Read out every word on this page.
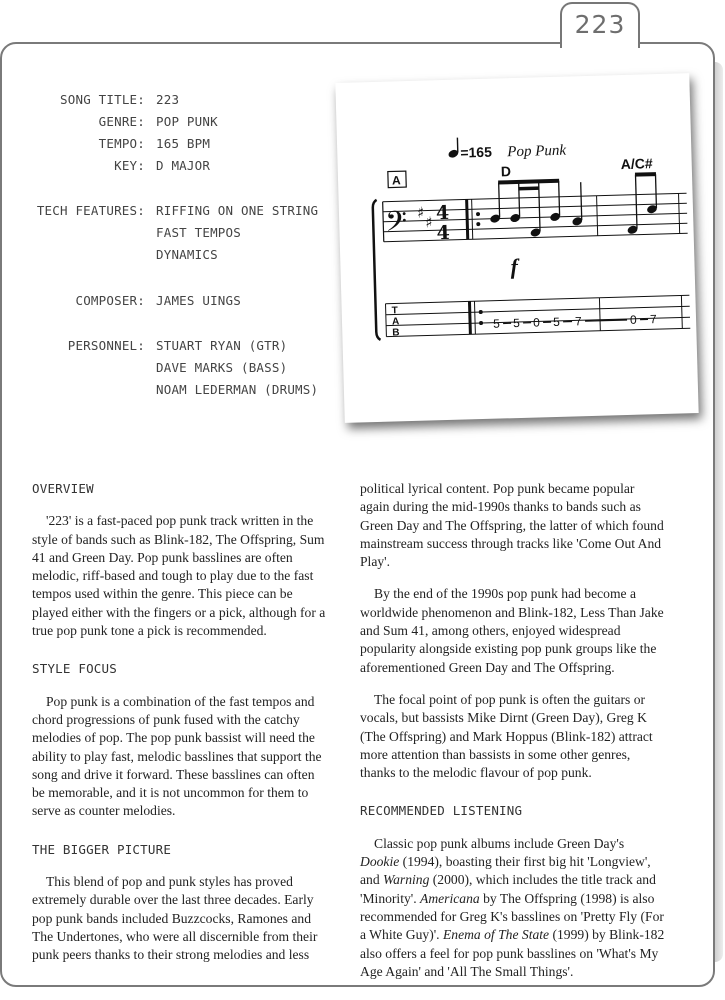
223
SONG TITLE: 223
GENRE: POP PUNK
TEMPO: 165 BPM
KEY: D MAJOR
TECH FEATURES: RIFFING ON ONE STRING
FAST TEMPOS
DYNAMICS
COMPOSER: JAMES UINGS
PERSONNEL: STUART RYAN (GTR)
DAVE MARKS (BASS)
NOAM LEDERMAN (DRUMS)
=165 Pop Punk
A
D	A/C#
𝄢 ♯
♯ 4
4
f
T
A
B
5 5 0 5 7	0 7
OVERVIEW

'223' is a fast-paced pop punk track written in the style of bands such as Blink-182, The Offspring, Sum 41 and Green Day. Pop punk basslines are often melodic, riff-based and tough to play due to the fast tempos used within the genre. This piece can be played either with the fingers or a pick, although for a true pop punk tone a pick is recommended.

STYLE FOCUS

Pop punk is a combination of the fast tempos and chord progressions of punk fused with the catchy melodies of pop. The pop punk bassist will need the ability to play fast, melodic basslines that support the song and drive it forward. These basslines can often be memorable, and it is not uncommon for them to serve as counter melodies.

THE BIGGER PICTURE

This blend of pop and punk styles has proved extremely durable over the last three decades. Early pop punk bands included Buzzcocks, Ramones and The Undertones, who were all discernible from their punk peers thanks to their strong melodies and less

political lyrical content. Pop punk became popular again during the mid-1990s thanks to bands such as Green Day and The Offspring, the latter of which found mainstream success through tracks like 'Come Out And Play'.

By the end of the 1990s pop punk had become a worldwide phenomenon and Blink-182, Less Than Jake and Sum 41, among others, enjoyed widespread popularity alongside existing pop punk groups like the aforementioned Green Day and The Offspring.

The focal point of pop punk is often the guitars or vocals, but bassists Mike Dirnt (Green Day), Greg K (The Offspring) and Mark Hoppus (Blink-182) attract more attention than bassists in some other genres, thanks to the melodic flavour of pop punk.

RECOMMENDED LISTENING

Classic pop punk albums include Green Day's Dookie (1994), boasting their first big hit 'Longview', and Warning (2000), which includes the title track and 'Minority'. Americana by The Offspring (1998) is also recommended for Greg K's basslines on 'Pretty Fly (For a White Guy)'. Enema of The State (1999) by Blink-182 also offers a feel for pop punk basslines on 'What's My Age Again' and 'All The Small Things'.
